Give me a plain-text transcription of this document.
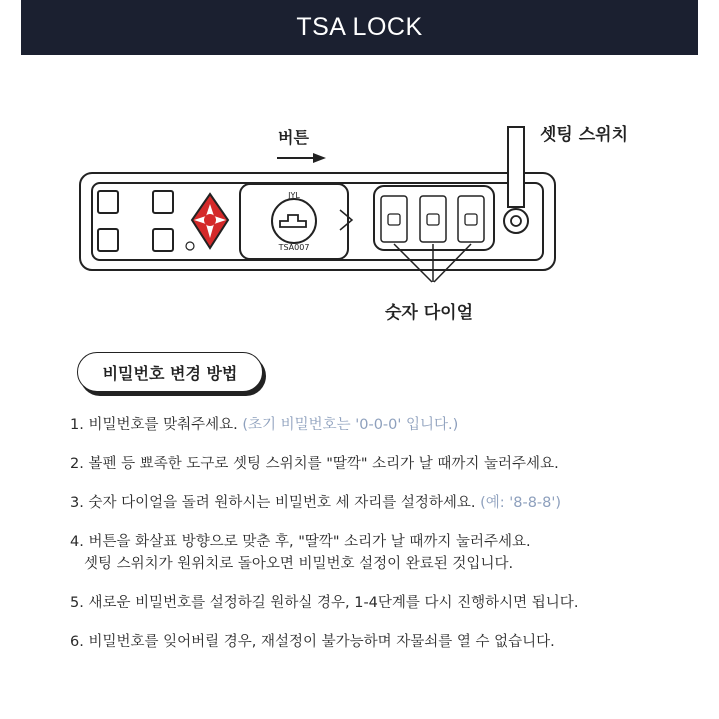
TSA LOCK
JYL
TSA007
버튼	셋팅 스위치
숫자 다이얼
비밀번호 변경 방법
1. 비밀번호를 맞춰주세요. (초기 비밀번호는 '0-0-0' 입니다.)
2. 볼펜 등 뾰족한 도구로 셋팅 스위치를 "딸깍" 소리가 날 때까지 눌러주세요.
3. 숫자 다이얼을 돌려 원하시는 비밀번호 세 자리를 설정하세요. (예: '8-8-8')
4. 버튼을 화살표 방향으로 맞춘 후, "딸깍" 소리가 날 때까지 눌러주세요.
셋팅 스위치가 원위치로 돌아오면 비밀번호 설정이 완료된 것입니다.
5. 새로운 비밀번호를 설정하길 원하실 경우, 1-4단계를 다시 진행하시면 됩니다.
6. 비밀번호를 잊어버릴 경우, 재설정이 불가능하며 자물쇠를 열 수 없습니다.
